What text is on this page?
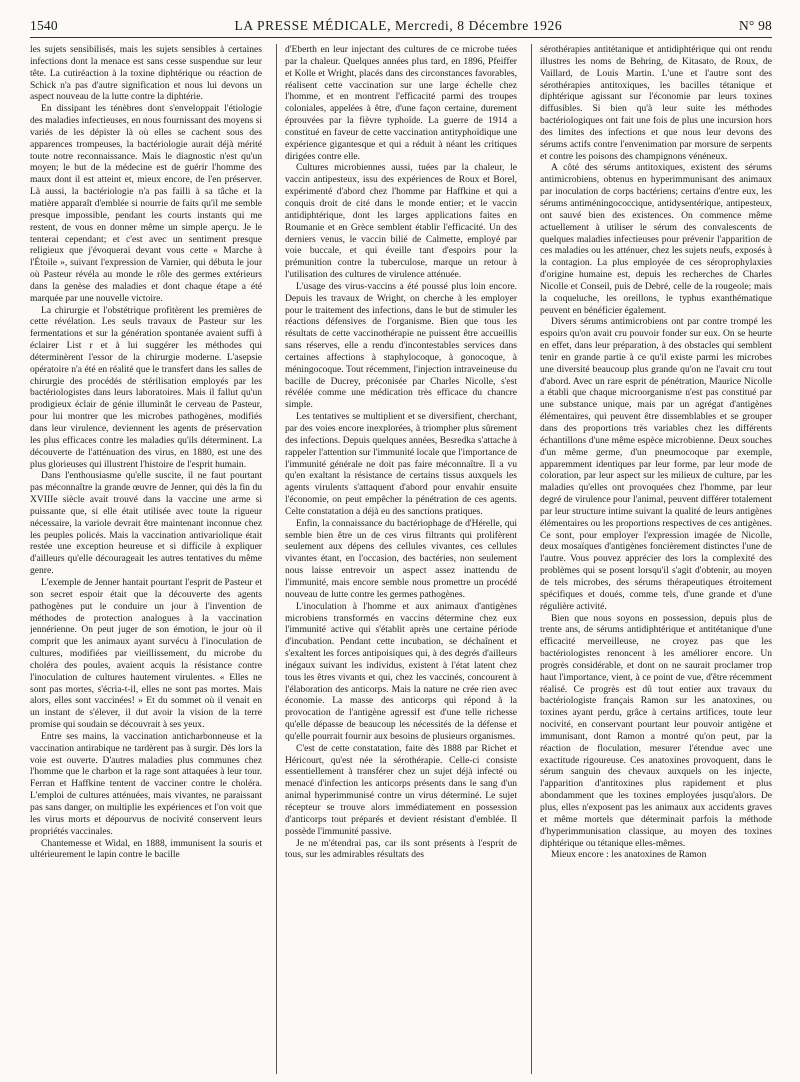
1540	LA PRESSE MÉDICALE, Mercredi, 8 Décembre 1926	N° 98

les sujets sensibilisés, mais les sujets sensibles à certaines infections dont la menace est sans cesse suspendue sur leur tête. La cutiréaction à la toxine diphtérique ou réaction de Schick n'a pas d'autre signification et nous lui devons un aspect nouveau de la lutte contre la diphtérie.

En dissipant les ténèbres dont s'enveloppait l'étiologie des maladies infectieuses, en nous fournissant des moyens si variés de les dépister là où elles se cachent sous des apparences trompeuses, la bactériologie aurait déjà mérité toute notre reconnaissance. Mais le diagnostic n'est qu'un moyen; le but de la médecine est de guérir l'homme des maux dont il est atteint et, mieux encore, de l'en préserver. Là aussi, la bactériologie n'a pas failli à sa tâche et la matière apparaît d'emblée si nourrie de faits qu'il me semble presque impossible, pendant les courts instants qui me restent, de vous en donner même un simple aperçu. Je le tenterai cependant; et c'est avec un sentiment presque religieux que j'évoquerai devant vous cette « Marche à l'Étoile », suivant l'expression de Varnier, qui débuta le jour où Pasteur révéla au monde le rôle des germes extérieurs dans la genèse des maladies et dont chaque étape a été marquée par une nouvelle victoire.

La chirurgie et l'obstétrique profitèrent les premières de cette révélation. Les seuls travaux de Pasteur sur les fermentations et sur la génération spontanée avaient suffi à éclairer List r et à lui suggérer les méthodes qui déterminèrent l'essor de la chirurgie moderne. L'asepsie opératoire n'a été en réalité que le transfert dans les salles de chirurgie des procédés de stérilisation employés par les bactériologistes dans leurs laboratoires. Mais il fallut qu'un prodigieux éclair de génie illuminât le cerveau de Pasteur, pour lui montrer que les microbes pathogènes, modifiés dans leur virulence, deviennent les agents de préservation les plus efficaces contre les maladies qu'ils déterminent. La découverte de l'atténuation des virus, en 1880, est une des plus glorieuses qui illustrent l'histoire de l'esprit humain.

Dans l'enthousiasme qu'elle suscite, il ne faut pourtant pas méconnaître la grande œuvre de Jenner, qui dès la fin du XVIIIe siècle avait trouvé dans la vaccine une arme si puissante que, si elle était utilisée avec toute la rigueur nécessaire, la variole devrait être maintenant inconnue chez les peuples policés. Mais la vaccination antivariolique était restée une exception heureuse et si difficile à expliquer d'ailleurs qu'elle décourageait les autres tentatives du même genre.

L'exemple de Jenner hantait pourtant l'esprit de Pasteur et son secret espoir était que la découverte des agents pathogènes put le conduire un jour à l'invention de méthodes de protection analogues à la vaccination jennérienne. On peut juger de son émotion, le jour où il comprit que les animaux ayant survécu à l'inoculation de cultures, modifiées par vieillissement, du microbe du choléra des poules, avaient acquis la résistance contre l'inoculation de cultures hautement virulentes. « Elles ne sont pas mortes, s'écria-t-il, elles ne sont pas mortes. Mais alors, elles sont vaccinées! » Et du sommet où il venait en un instant de s'élever, il dut avoir la vision de la terre promise qui soudain se découvrait à ses yeux.

Entre ses mains, la vaccination anticharbonneuse et la vaccination antirabique ne tardèrent pas à surgir. Dès lors la voie est ouverte. D'autres maladies plus communes chez l'homme que le charbon et la rage sont attaquées à leur tour. Ferran et Haffkine tentent de vacciner contre le choléra. L'emploi de cultures atténuées, mais vivantes, ne paraissant pas sans danger, on multiplie les expériences et l'on voit que les virus morts et dépourvus de nocivité conservent leurs propriétés vaccinales.

Chantemesse et Widal, en 1888, immunisent la souris et ultérieurement le lapin contre le bacille

d'Eberth en leur injectant des cultures de ce microbe tuées par la chaleur. Quelques années plus tard, en 1896, Pfeiffer et Kolle et Wright, placés dans des circonstances favorables, réalisent cette vaccination sur une large échelle chez l'homme, et en montrent l'efficacité parmi des troupes coloniales, appelées à être, d'une façon certaine, durement éprouvées par la fièvre typhoïde. La guerre de 1914 a constitué en faveur de cette vaccination antityphoïdique une expérience gigantesque et qui a réduit à néant les critiques dirigées contre elle.

Cultures microbiennes aussi, tuées par la chaleur, le vaccin antipesteux, issu des expériences de Roux et Borel, expérimenté d'abord chez l'homme par Haffkine et qui a conquis droit de cité dans le monde entier; et le vaccin antidiphtérique, dont les larges applications faites en Roumanie et en Grèce semblent établir l'efficacité. Un des derniers venus, le vaccin bilié de Calmette, employé par voie buccale, et qui éveille tant d'espoirs pour la prémunition contre la tuberculose, marque un retour à l'utilisation des cultures de virulence atténuée.

L'usage des virus-vaccins a été poussé plus loin encore. Depuis les travaux de Wright, on cherche à les employer pour le traitement des infections, dans le but de stimuler les réactions défensives de l'organisme. Bien que tous les résultats de cette vaccinothérapie ne puissent être accueillis sans réserves, elle a rendu d'incontestables services dans certaines affections à staphylocoque, à gonocoque, à méningocoque. Tout récemment, l'injection intraveineuse du bacille de Ducrey, préconisée par Charles Nicolle, s'est révélée comme une médication très efficace du chancre simple.

Les tentatives se multiplient et se diversifient, cherchant, par des voies encore inexplorées, à triompher plus sûrement des infections. Depuis quelques années, Besredka s'attache à rappeler l'attention sur l'immunité locale que l'importance de l'immunité générale ne doit pas faire méconnaître. Il a vu qu'en exaltant la résistance de certains tissus auxquels les agents virulents s'attaquent d'abord pour envahir ensuite l'économie, on peut empêcher la pénétration de ces agents. Celte constatation a déjà eu des sanctions pratiques.

Enfin, la connaissance du bactériophage de d'Hérelle, qui semble bien être un de ces virus filtrants qui prolifèrent seulement aux dépens des cellules vivantes, ces cellules vivantes étant, en l'occasion, des bactéries, non seulement nous laisse entrevoir un aspect assez inattendu de l'immunité, mais encore semble nous promettre un procédé nouveau de lutte contre les germes pathogènes.

L'inoculation à l'homme et aux animaux d'antigènes microbiens transformés en vaccins détermine chez eux l'immunité active qui s'établit après une certaine période d'incubation. Pendant cette incubation, se déchaînent et s'exaltent les forces antipoisiques qui, à des degrés d'ailleurs inégaux suivant les individus, existent à l'état latent chez tous les êtres vivants et qui, chez les vaccinés, concourent à l'élaboration des anticorps. Mais la nature ne crée rien avec économie. La masse des anticorps qui répond à la provocation de l'antigène agressif est d'une telle richesse qu'elle dépasse de beaucoup les nécessités de la défense et qu'elle pourrait fournir aux besoins de plusieurs organismes.

C'est de cette constatation, faite dès 1888 par Richet et Héricourt, qu'est née la sérothérapie. Celle-ci consiste essentiellement à transférer chez un sujet déjà infecté ou menacé d'infection les anticorps présents dans le sang d'un animal hyperimmunisé contre un virus déterminé. Le sujet récepteur se trouve alors immédiatement en possession d'anticorps tout préparés et devient résistant d'emblée. Il possède l'immunité passive.

Je ne m'étendrai pas, car ils sont présents à l'esprit de tous, sur les admirables résultats des

sérothérapies antitétanique et antidiphtérique qui ont rendu illustres les noms de Behring, de Kitasato, de Roux, de Vaillard, de Louis Martin. L'une et l'autre sont des sérothérapies antitoxiques, les bacilles tétanique et diphtérique agissant sur l'économie par leurs toxines diffusibles. Si bien qu'à leur suite les méthodes bactériologiques ont fait une fois de plus une incursion hors des limites des infections et que nous leur devons des sérums actifs contre l'envenimation par morsure de serpents et contre les poisons des champignons vénéneux.

A côté des sérums antitoxiques, existent des sérums antimicrobiens, obtenus en hyperimmunisant des animaux par inoculation de corps bactériens; certains d'entre eux, les sérums antiméningococcique, antidysentérique, antipesteux, ont sauvé bien des existences. On commence même actuellement à utiliser le sérum des convalescents de quelques maladies infectieuses pour prévenir l'apparition de ces maladies ou les atténuer, chez les sujets neufs, exposés à la contagion. La plus employée de ces séroprophylaxies d'origine humaine est, depuis les recherches de Charles Nicolle et Conseil, puis de Debré, celle de la rougeole; mais la coqueluche, les oreillons, le typhus exanthématique peuvent en bénéficier également.

Divers sérums antimicrobiens ont par contre trompé les espoirs qu'on avait cru pouvoir fonder sur eux. On se heurte en effet, dans leur préparation, à des obstacles qui semblent tenir en grande partie à ce qu'il existe parmi les microbes une diversité beaucoup plus grande qu'on ne l'avait cru tout d'abord. Avec un rare esprit de pénétration, Maurice Nicolle a établi que chaque microorganisme n'est pas constitué par une substance unique, mais par un agrégat d'antigènes élémentaires, qui peuvent être dissemblables et se grouper dans des proportions très variables chez les différents échantillons d'une même espèce microbienne. Deux souches d'un même germe, d'un pneumocoque par exemple, apparemment identiques par leur forme, par leur mode de coloration, par leur aspect sur les milieux de culture, par les maladies qu'elles ont provoquées chez l'homme, par leur degré de virulence pour l'animal, peuvent différer totalement par leur structure intime suivant la qualité de leurs antigènes élémentaires ou les proportions respectives de ces antigènes. Ce sont, pour employer l'expression imagée de Nicolle, deux mosaïques d'antigènes foncièrement distinctes l'une de l'autre. Vous pouvez apprécier des lors la complexité des problèmes qui se posent lorsqu'il s'agit d'obtenir, au moyen de tels microbes, des sérums thérapeutiques étroitement spécifiques et doués, comme tels, d'une grande et d'une régulière activité.

Bien que nous soyons en possession, depuis plus de trente ans, de sérums antidiphtérique et antitétanique d'une efficacité merveilleuse, ne croyez pas que les bactériologistes renoncent à les améliorer encore. Un progrès considérable, et dont on ne saurait proclamer trop haut l'importance, vient, à ce point de vue, d'être récemment réalisé. Ce progrès est dû tout entier aux travaux du bactériologiste français Ramon sur les anatoxines, ou toxines ayant perdu, grâce à certains artifices, toute leur nocivité, en conservant pourtant leur pouvoir antigène et immunisant, dont Ramon a montré qu'on peut, par la réaction de floculation, mesurer l'étendue avec une exactitude rigoureuse. Ces anatoxines provoquent, dans le sérum sanguin des chevaux auxquels on les injecte, l'apparition d'antitoxines plus rapidement et plus abondamment que les toxines employées jusqu'alors. De plus, elles n'exposent pas les animaux aux accidents graves et même mortels que déterminait parfois la méthode d'hyperimmunisation classique, au moyen des toxines diphtérique ou tétanique elles-mêmes.

Mieux encore : les anatoxines de Ramon
